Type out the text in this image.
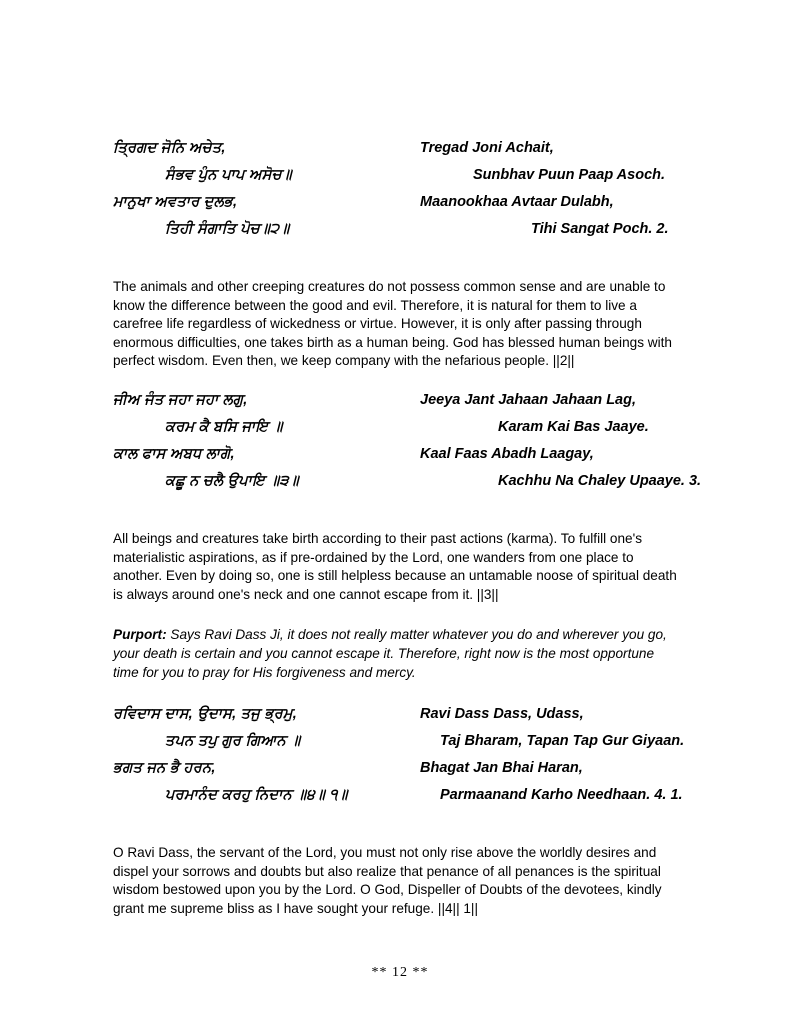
ਤ੍ਰਿਗਦ ਜੋਨਿ ਅਚੇਤ,	Tregad Joni Achait,
ਸੰਭਵ ਪੁੰਨ ਪਾਪ ਅਸੋਚ॥	Sunbhav Puun Paap Asoch.
ਮਾਨੁਖਾ ਅਵਤਾਰ ਦੁਲਭ,	Maanookhaa Avtaar Dulabh,
ਤਿਹੀ ਸੰਗਾਤਿ ਪੋਚ॥੨॥	Tihi Sangat Poch. 2.
The animals and other creeping creatures do not possess common sense and are unable to know the difference between the good and evil. Therefore, it is natural for them to live a carefree life regardless of wickedness or virtue. However, it is only after passing through enormous difficulties, one takes birth as a human being. God has blessed human beings with perfect wisdom. Even then, we keep company with the nefarious people. ||2||
ਜੀਅ ਜੰਤ ਜਹਾ ਜਹਾ ਲਗੁ,	Jeeya Jant Jahaan Jahaan Lag,
ਕਰਮ ਕੈ ਬਸਿ ਜਾਇ ॥	Karam Kai Bas Jaaye.
ਕਾਲ ਫਾਸ ਅਬਧ ਲਾਗੋ,	Kaal Faas Abadh Laagay,
ਕਛੂ ਨ ਚਲੈ ਉਪਾਇ ॥੩॥	Kachhu Na Chaley Upaaye. 3.
All beings and creatures take birth according to their past actions (karma). To fulfill one's materialistic aspirations, as if pre-ordained by the Lord, one wanders from one place to another. Even by doing so, one is still helpless because an untamable noose of spiritual death is always around one's neck and one cannot escape from it. ||3||
Purport: Says Ravi Dass Ji, it does not really matter whatever you do and wherever you go, your death is certain and you cannot escape it. Therefore, right now is the most opportune time for you to pray for His forgiveness and mercy.
ਰਵਿਦਾਸ ਦਾਸ, ਉਦਾਸ, ਤਜੁ ਭ੍ਰਮੁ,	Ravi Dass Dass, Udass,
ਤਪਨ ਤਪੁ ਗੁਰ ਗਿਆਨ ॥	Taj Bharam, Tapan Tap Gur Giyaan.
ਭਗਤ ਜਨ ਭੈ ਹਰਨ,	Bhagat Jan Bhai Haran,
ਪਰਮਾਨੰਦ ਕਰਹੁ ਨਿਦਾਨ ॥੪॥ ੧॥	Parmaanand Karho Needhaan. 4. 1.
O Ravi Dass, the servant of the Lord, you must not only rise above the worldly desires and dispel your sorrows and doubts but also realize that penance of all penances is the spiritual wisdom bestowed upon you by the Lord. O God, Dispeller of Doubts of the devotees, kindly grant me supreme bliss as I have sought your refuge. ||4|| 1||
** 12 **
